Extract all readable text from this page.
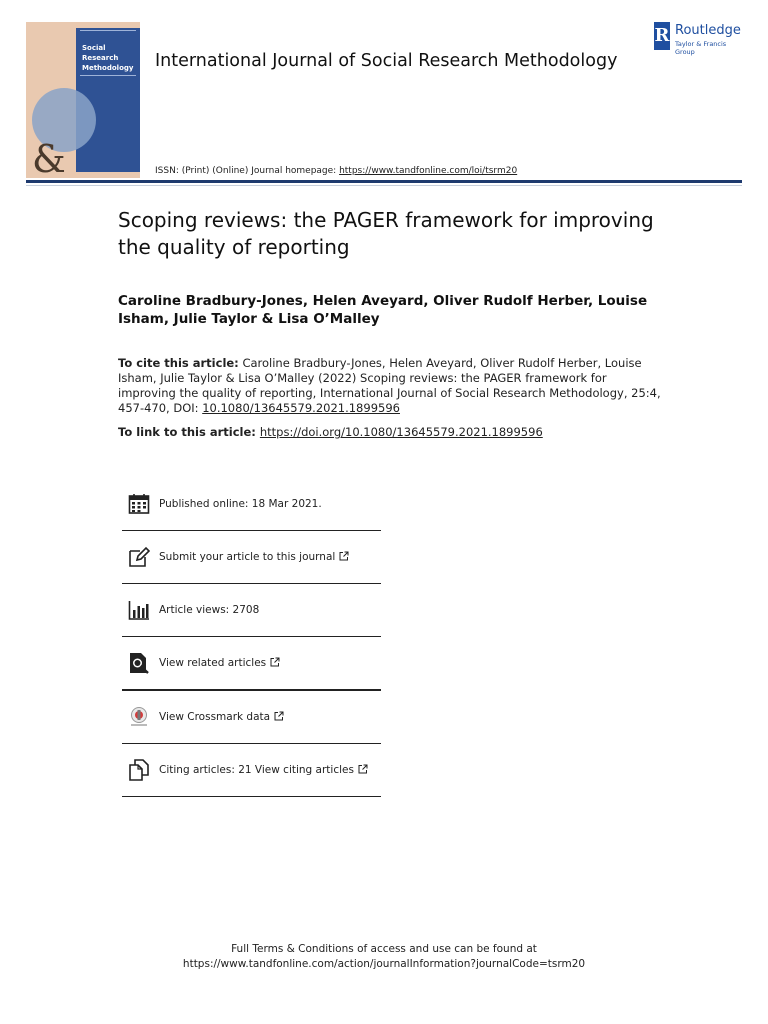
Social
Research
Methodology
&
International Journal of Social Research Methodology
ISSN: (Print) (Online) Journal homepage: https://www.tandfonline.com/loi/tsrm20
R Routledge
Taylor & Francis Group
Scoping reviews: the PAGER framework for improving the quality of reporting
Caroline Bradbury-Jones, Helen Aveyard, Oliver Rudolf Herber, Louise Isham, Julie Taylor & Lisa O’Malley
To cite this article: Caroline Bradbury-Jones, Helen Aveyard, Oliver Rudolf Herber, Louise Isham, Julie Taylor & Lisa O’Malley (2022) Scoping reviews: the PAGER framework for improving the quality of reporting, International Journal of Social Research Methodology, 25:4, 457-470, DOI: 10.1080/13645579.2021.1899596
To link to this article: https://doi.org/10.1080/13645579.2021.1899596
Published online: 18 Mar 2021.
Submit your article to this journal
Article views: 2708
View related articles
View Crossmark data
Citing articles: 21 View citing articles
Full Terms & Conditions of access and use can be found at
https://www.tandfonline.com/action/journalInformation?journalCode=tsrm20
